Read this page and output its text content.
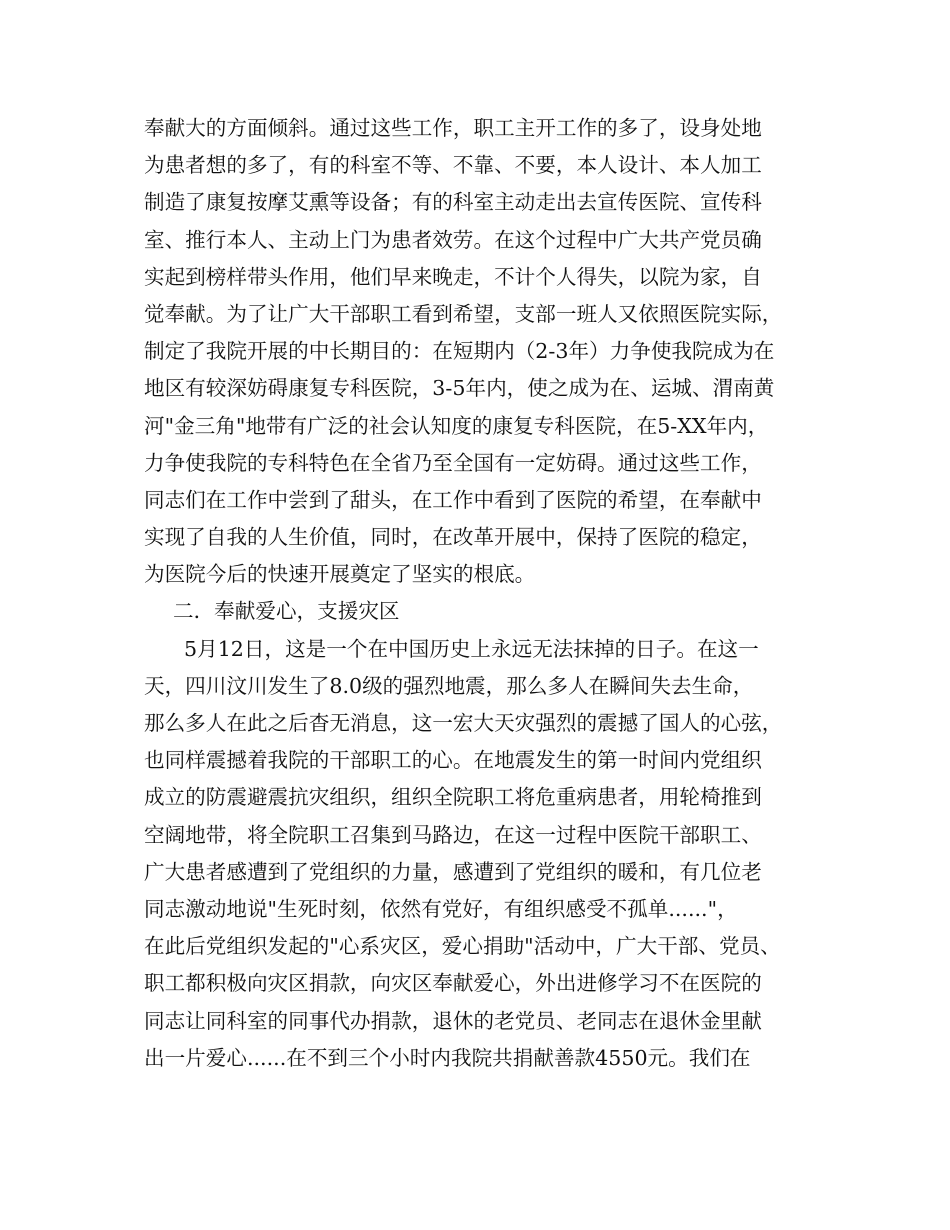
奉献大的方面倾斜。通过这些工作，职工主开工作的多了，设身处地
为患者想的多了，有的科室不等、不靠、不要，本人设计、本人加工
制造了康复按摩艾熏等设备；有的科室主动走出去宣传医院、宣传科
室、推行本人、主动上门为患者效劳。在这个过程中广大共产党员确
实起到榜样带头作用，他们早来晚走，不计个人得失，以院为家，自
觉奉献。为了让广大干部职工看到希望，支部一班人又依照医院实际，
制定了我院开展的中长期目的：在短期内（2-3年）力争使我院成为在
地区有较深妨碍康复专科医院，3-5年内，使之成为在、运城、渭南黄
河"金三角"地带有广泛的社会认知度的康复专科医院，在5-XX年内，
力争使我院的专科特色在全省乃至全国有一定妨碍。通过这些工作，
同志们在工作中尝到了甜头，在工作中看到了医院的希望，在奉献中
实现了自我的人生价值，同时，在改革开展中，保持了医院的稳定，
为医院今后的快速开展奠定了坚实的根底。
二．奉献爱心，支援灾区
5月12日，这是一个在中国历史上永远无法抹掉的日子。在这一
天，四川汶川发生了8.0级的强烈地震，那么多人在瞬间失去生命，
那么多人在此之后杳无消息，这一宏大天灾强烈的震撼了国人的心弦，
也同样震撼着我院的干部职工的心。在地震发生的第一时间内党组织
成立的防震避震抗灾组织，组织全院职工将危重病患者，用轮椅推到
空阔地带，将全院职工召集到马路边，在这一过程中医院干部职工、
广大患者感遭到了党组织的力量，感遭到了党组织的暖和，有几位老
同志激动地说"生死时刻，依然有党好，有组织感受不孤单......"，
在此后党组织发起的"心系灾区，爱心捐助"活动中，广大干部、党员、
职工都积极向灾区捐款，向灾区奉献爱心，外出进修学习不在医院的
同志让同科室的同事代办捐款，退休的老党员、老同志在退休金里献
出一片爱心......在不到三个小时内我院共捐献善款4550元。我们在
